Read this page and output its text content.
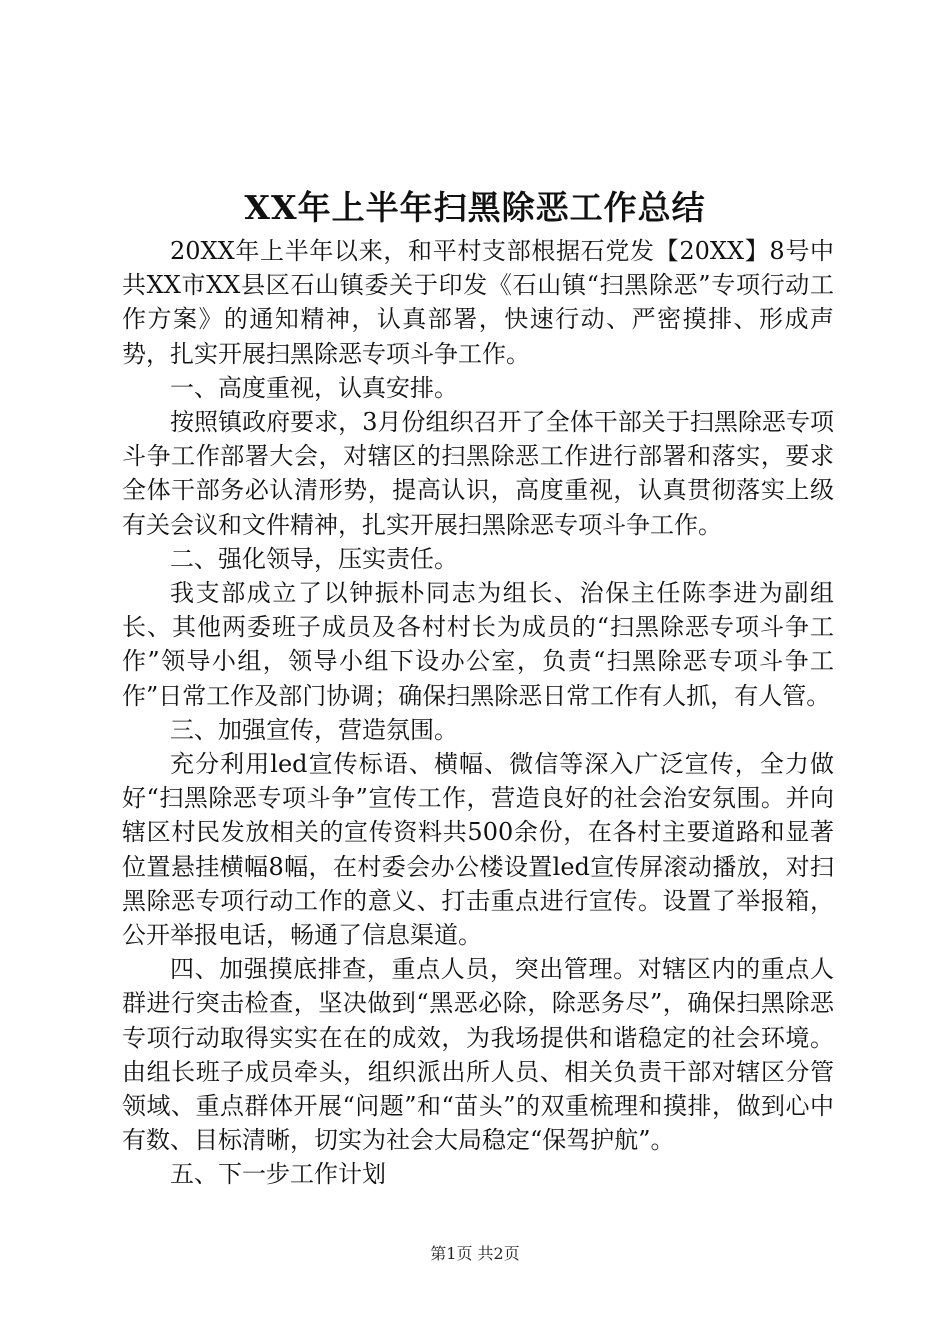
XX年上半年扫黑除恶工作总结

20XX年上半年以来，和平村支部根据石党发【20XX】8号中共XX市XX县区石山镇委关于印发《石山镇“扫黑除恶”专项行动工作方案》的通知精神，认真部署，快速行动、严密摸排、形成声势，扎实开展扫黑除恶专项斗争工作。

一、高度重视，认真安排。

按照镇政府要求，3月份组织召开了全体干部关于扫黑除恶专项斗争工作部署大会，对辖区的扫黑除恶工作进行部署和落实，要求全体干部务必认清形势，提高认识，高度重视，认真贯彻落实上级有关会议和文件精神，扎实开展扫黑除恶专项斗争工作。

二、强化领导，压实责任。

我支部成立了以钟振朴同志为组长、治保主任陈李进为副组长、其他两委班子成员及各村村长为成员的“扫黑除恶专项斗争工作”领导小组，领导小组下设办公室，负责“扫黑除恶专项斗争工作”日常工作及部门协调；确保扫黑除恶日常工作有人抓，有人管。

三、加强宣传，营造氛围。

充分利用led宣传标语、横幅、微信等深入广泛宣传，全力做好“扫黑除恶专项斗争”宣传工作，营造良好的社会治安氛围。并向辖区村民发放相关的宣传资料共500余份，在各村主要道路和显著位置悬挂横幅8幅，在村委会办公楼设置led宣传屏滚动播放，对扫黑除恶专项行动工作的意义、打击重点进行宣传。设置了举报箱，公开举报电话，畅通了信息渠道。

四、加强摸底排查，重点人员，突出管理。对辖区内的重点人群进行突击检查，坚决做到“黑恶必除，除恶务尽”，确保扫黑除恶专项行动取得实实在在的成效，为我场提供和谐稳定的社会环境。由组长班子成员牵头，组织派出所人员、相关负责干部对辖区分管领域、重点群体开展“问题”和“苗头”的双重梳理和摸排，做到心中有数、目标清晰，切实为社会大局稳定“保驾护航”。

五、下一步工作计划

第1页 共2页
